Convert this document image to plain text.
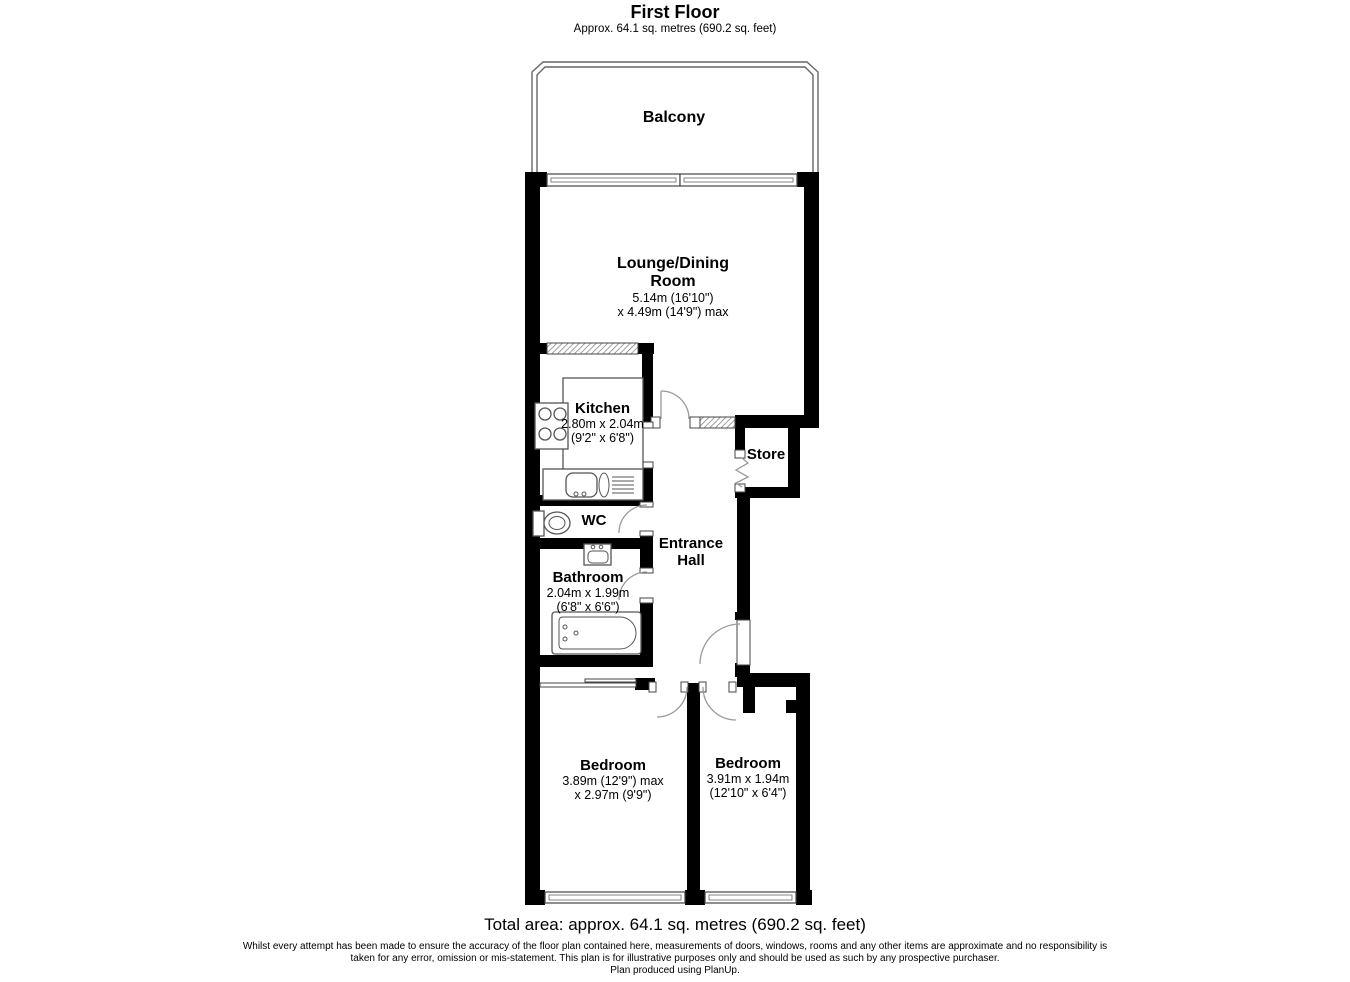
First Floor
Approx. 64.1 sq. metres (690.2 sq. feet)
Balcony
Lounge/Dining
Room
5.14m (16'10")
x 4.49m (14'9") max
Kitchen
2.80m x 2.04m
(9'2" x 6'8")
Store
WC
Entrance
Hall
Bathroom
2.04m x 1.99m
(6'8" x 6'6")
Bedroom
3.89m (12'9") max
x 2.97m (9'9")
Bedroom
3.91m x 1.94m
(12'10" x 6'4")
Total area: approx. 64.1 sq. metres (690.2 sq. feet)
Whilst every attempt has been made to ensure the accuracy of the floor plan contained here, measurements of doors, windows, rooms and any other items are approximate and no responsibility is
taken for any error, omission or mis-statement. This plan is for illustrative purposes only and should be used as such by any prospective purchaser.
Plan produced using PlanUp.
